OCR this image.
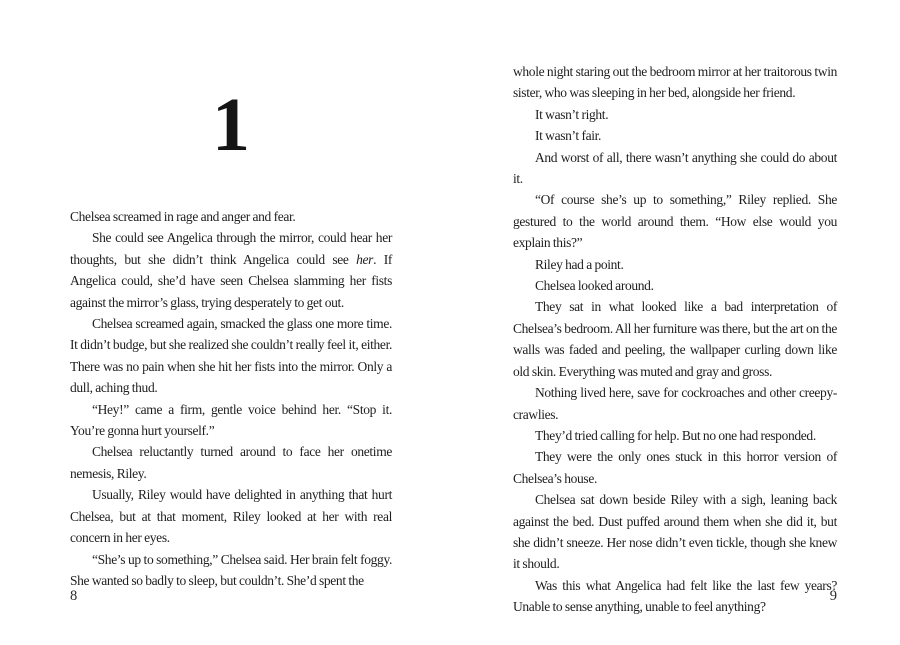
1

Chelsea screamed in rage and anger and fear.

She could see Angelica through the mirror, could hear her thoughts, but she didn’t think Angelica could see her. If Angelica could, she’d have seen Chelsea slamming her fists against the mirror’s glass, trying desperately to get out.

Chelsea screamed again, smacked the glass one more time. It didn’t budge, but she realized she couldn’t really feel it, either. There was no pain when she hit her fists into the mirror. Only a dull, aching thud.

“Hey!” came a firm, gentle voice behind her. “Stop it. You’re gonna hurt yourself.”

Chelsea reluctantly turned around to face her onetime nemesis, Riley.

Usually, Riley would have delighted in anything that hurt Chelsea, but at that moment, Riley looked at her with real concern in her eyes.

“She’s up to something,” Chelsea said. Her brain felt foggy. She wanted so badly to sleep, but couldn’t. She’d spent the

8

whole night staring out the bedroom mirror at her traitorous twin sister, who was sleeping in her bed, alongside her friend.

It wasn’t right.

It wasn’t fair.

And worst of all, there wasn’t anything she could do about it.

“Of course she’s up to something,” Riley replied. She gestured to the world around them. “How else would you explain this?”

Riley had a point.

Chelsea looked around.

They sat in what looked like a bad interpretation of Chelsea’s bedroom. All her furniture was there, but the art on the walls was faded and peeling, the wallpaper curling down like old skin. Everything was muted and gray and gross.

Nothing lived here, save for cockroaches and other creepy-crawlies.

They’d tried calling for help. But no one had responded.

They were the only ones stuck in this horror version of Chelsea’s house.

Chelsea sat down beside Riley with a sigh, leaning back against the bed. Dust puffed around them when she did it, but she didn’t sneeze. Her nose didn’t even tickle, though she knew it should.

Was this what Angelica had felt like the last few years? Unable to sense anything, unable to feel anything?

9
